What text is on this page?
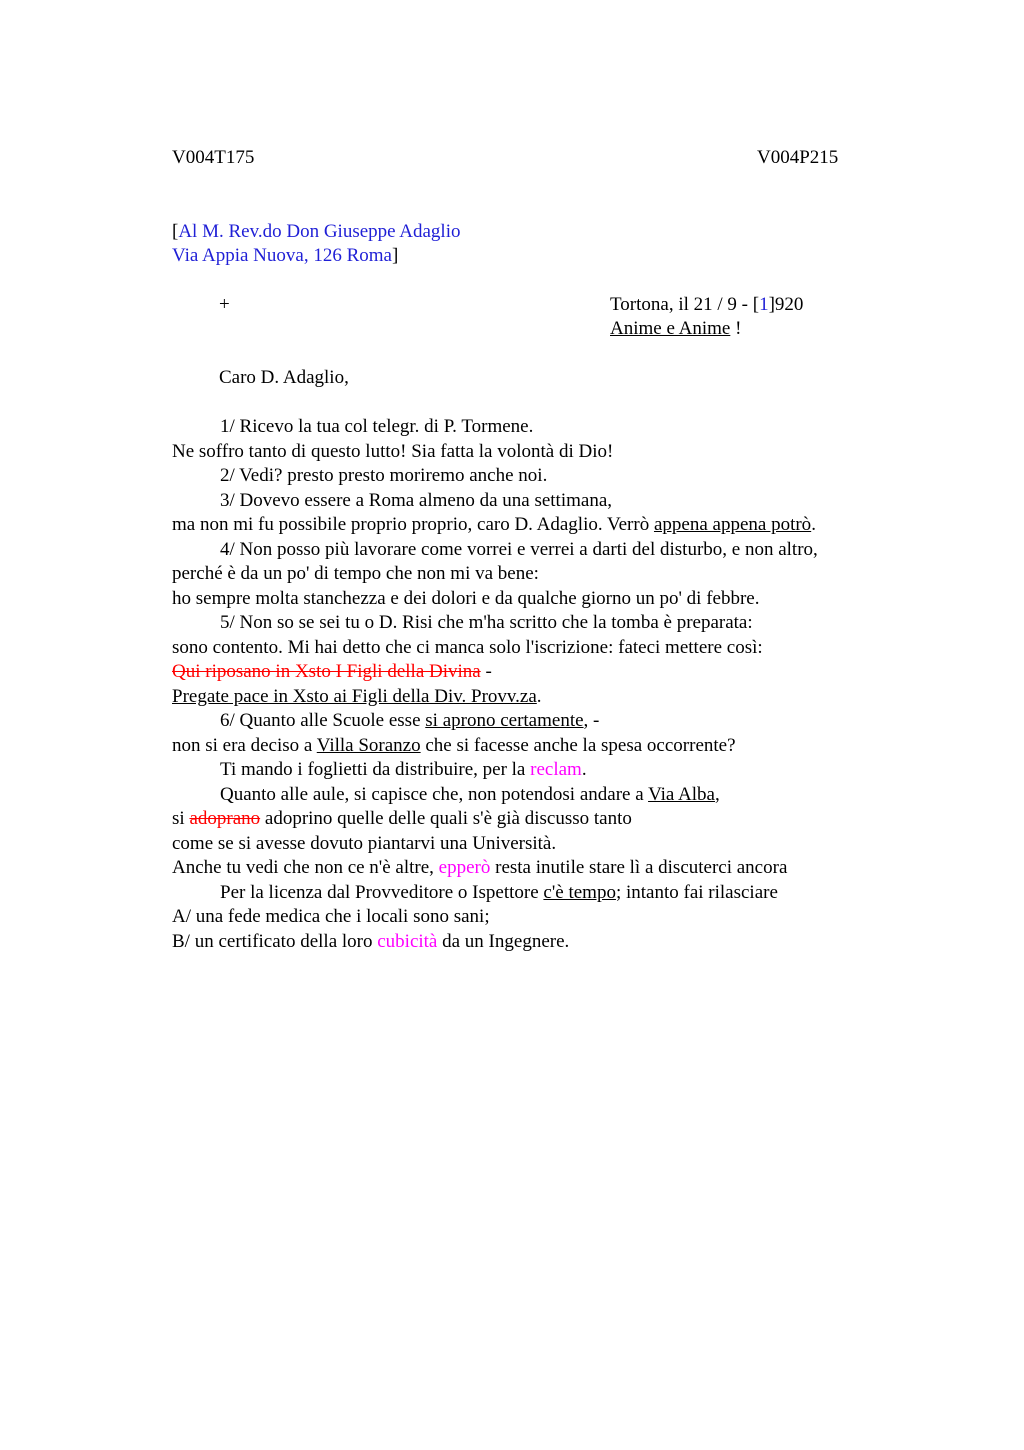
V004T175	V004P215
[Al M. Rev.do Don Giuseppe Adaglio
Via Appia Nuova, 126 Roma]
+	Tortona, il 21 / 9 - [1]920
Anime e Anime !
Caro D. Adaglio,
1/ Ricevo la tua col telegr. di P. Tormene.
Ne soffro tanto di questo lutto! Sia fatta la volontà di Dio!
2/ Vedi? presto presto moriremo anche noi.
3/ Dovevo essere a Roma almeno da una settimana,
ma non mi fu possibile proprio proprio, caro D. Adaglio. Verrò appena appena potrò.
4/ Non posso più lavorare come vorrei e verrei a darti del disturbo, e non altro,
perché è da un po' di tempo che non mi va bene:
ho sempre molta stanchezza e dei dolori e da qualche giorno un po' di febbre.
5/ Non so se sei tu o D. Risi che m'ha scritto che la tomba è preparata:
sono contento. Mi hai detto che ci manca solo l'iscrizione: fateci mettere così:
Qui riposano in Xsto I Figli della Divina -
Pregate pace in Xsto ai Figli della Div. Provv.za.
6/ Quanto alle Scuole esse si aprono certamente, -
non si era deciso a Villa Soranzo che si facesse anche la spesa occorrente?
Ti mando i foglietti da distribuire, per la reclam.
Quanto alle aule, si capisce che, non potendosi andare a Via Alba,
si adoprano adoprino quelle delle quali s'è già discusso tanto
come se si avesse dovuto piantarvi una Università.
Anche tu vedi che non ce n'è altre, epperò resta inutile stare lì a discuterci ancora
Per la licenza dal Provveditore o Ispettore c'è tempo; intanto fai rilasciare
A/ una fede medica che i locali sono sani;
B/ un certificato della loro cubicità da un Ingegnere.
